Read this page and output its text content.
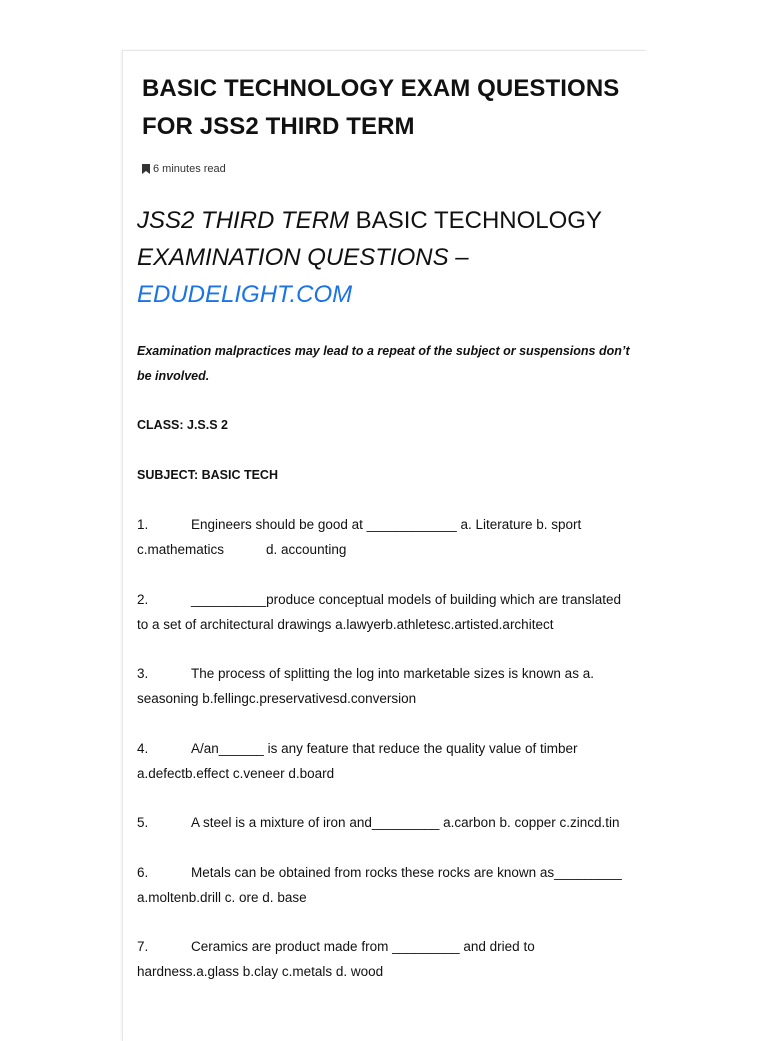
BASIC TECHNOLOGY EXAM QUESTIONS FOR JSS2 THIRD TERM
6 minutes read
JSS2 THIRD TERM BASIC TECHNOLOGY EXAMINATION QUESTIONS –
EDUDELIGHT.COM

Examination malpractices may lead to a repeat of the subject or suspensions don’t be involved.

CLASS: J.S.S 2

SUBJECT: BASIC TECH

1.	Engineers should be good at ____________ a. Literature b. sport
c.mathematics	d. accounting

2.	__________produce conceptual models of building which are translated
to a set of architectural drawings a.lawyerb.athletesc.artisted.architect

3.	The process of splitting the log into marketable sizes is known as a.
seasoning b.fellingc.preservativesd.conversion

4.	A/an______ is any feature that reduce the quality value of timber
a.defectb.effect c.veneer d.board

5.	A steel is a mixture of iron and_________ a.carbon b. copper c.zincd.tin

6.	Metals can be obtained from rocks these rocks are known as_________
a.moltenb.drill c. ore d. base

7.	Ceramics are product made from _________ and dried to
hardness.a.glass b.clay c.metals d. wood
